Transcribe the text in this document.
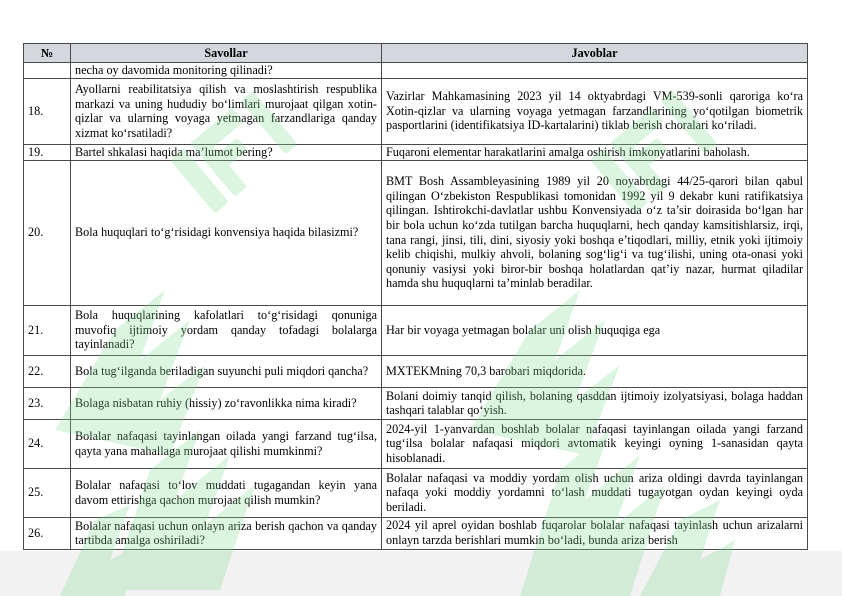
№	Savollar	Javoblar
	necha oy davomida monitoring qilinadi?	
18.	Ayollarni reabilitatsiya qilish va moslashtirish respublika markazi va uning hududiy bo‘limlari murojaat qilgan xotin-qizlar va ularning voyaga yetmagan farzandlariga qanday xizmat ko‘rsatiladi?	Vazirlar Mahkamasining 2023 yil 14 oktyabrdagi VM-539-sonli qaroriga ko‘ra Xotin-qizlar va ularning voyaga yetmagan farzandlarining yo‘qotilgan biometrik pasportlarini (identifikatsiya ID-kartalarini) tiklab berish choralari ko‘riladi.
19.	Bartel shkalasi haqida ma’lumot bering?	Fuqaroni elementar harakatlarini amalga oshirish imkonyatlarini baholash.
20.	Bola huquqlari to‘g‘risidagi konvensiya haqida bilasizmi?	BMT Bosh Assambleyasining 1989 yil 20 noyabrdagi 44/25-qarori bilan qabul qilingan O‘zbekiston Respublikasi tomonidan 1992 yil 9 dekabr kuni ratifikatsiya qilingan. Ishtirokchi-davlatlar ushbu Konvensiyada o‘z ta’sir doirasida bo‘lgan har bir bola uchun ko‘zda tutilgan barcha huquqlarni, hech qanday kamsitishlarsiz, irqi, tana rangi, jinsi, tili, dini, siyosiy yoki boshqa e’tiqodlari, milliy, etnik yoki ijtimoiy kelib chiqishi, mulkiy ahvoli, bolaning sog‘lig‘i va tug‘ilishi, uning ota-onasi yoki qonuniy vasiysi yoki biror-bir boshqa holatlardan qat’iy nazar, hurmat qiladilar hamda shu huquqlarni ta’minlab beradilar.
21.	Bola huquqlarining kafolatlari to‘g‘risidagi qonuniga muvofiq ijtimoiy yordam qanday tofadagi bolalarga tayinlanadi?	Har bir voyaga yetmagan bolalar uni olish huquqiga ega
22.	Bola tug‘ilganda beriladigan suyunchi puli miqdori qancha?	MXTEKMning 70,3 barobari miqdorida.
23.	Bolaga nisbatan ruhiy (hissiy) zo‘ravonlikka nima kiradi?	Bolani doimiy tanqid qilish, bolaning qasddan ijtimoiy izolyatsiyasi, bolaga haddan tashqari talablar qo‘yish.
24.	Bolalar nafaqasi tayinlangan oilada yangi farzand tug‘ilsa, qayta yana mahallaga murojaat qilishi mumkinmi?	2024-yil 1-yanvardan boshlab bolalar nafaqasi tayinlangan oilada yangi farzand tug‘ilsa bolalar nafaqasi miqdori avtomatik keyingi oyning 1-sanasidan qayta hisoblanadi.
25.	Bolalar nafaqasi to‘lov muddati tugagandan keyin yana davom ettirishga qachon murojaat qilish mumkin?	Bolalar nafaqasi va moddiy yordam olish uchun ariza oldingi davrda tayinlangan nafaqa yoki moddiy yordamni to‘lash muddati tugayotgan oydan keyingi oyda beriladi.
26.	Bolalar nafaqasi uchun onlayn ariza berish qachon va qanday tartibda amalga oshiriladi?	2024 yil aprel oyidan boshlab fuqarolar bolalar nafaqasi tayinlash uchun arizalarni onlayn tarzda berishlari mumkin bo‘ladi, bunda ariza berish
